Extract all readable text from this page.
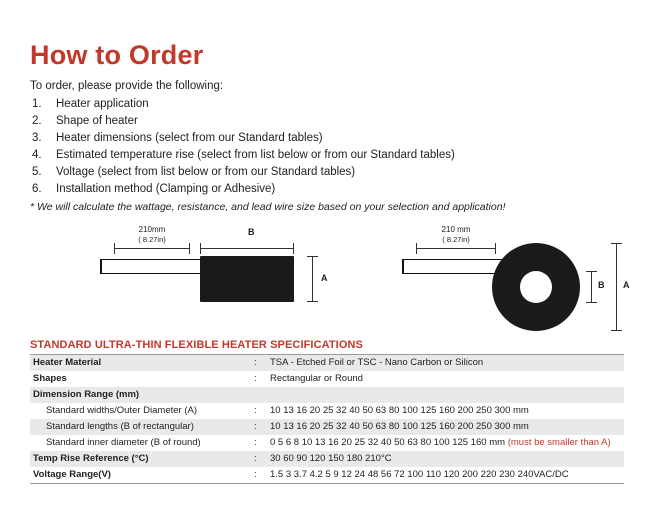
How to Order

To order, please provide the following:

1.	Heater application
2.	Shape of heater
3.	Heater dimensions (select from our Standard tables)
4.	Estimated temperature rise (select from list below or from our Standard tables)
5.	Voltage (select from list below or from our Standard tables)
6.	Installation method (Clamping or Adhesive)

* We will calculate the wattage, resistance, and lead wire size based on your selection and application!

210mm
( 8.27in)
B
A
210 mm
( 8.27in)
B A
STANDARD ULTRA-THIN FLEXIBLE HEATER SPECIFICATIONS
Heater Material	:	TSA - Etched Foil or TSC - Nano Carbon or Silicon
Shapes	:	Rectangular or Round
Dimension Range (mm)		
Standard widths/Outer Diameter (A)	:	10 13 16 20 25 32 40 50 63 80 100 125 160 200 250 300 mm
Standard lengths (B of rectangular)	:	10 13 16 20 25 32 40 50 63 80 100 125 160 200 250 300 mm
Standard inner diameter (B of round)	:	0 5 6 8 10 13 16 20 25 32 40 50 63 80 100 125 160 mm (must be smaller than A)
Temp Rise Reference (°C)	:	30 60 90 120 150 180 210°C
Voltage Range(V)	:	1.5 3 3.7 4.2 5 9 12 24 48 56 72 100 110 120 200 220 230 240VAC/DC
